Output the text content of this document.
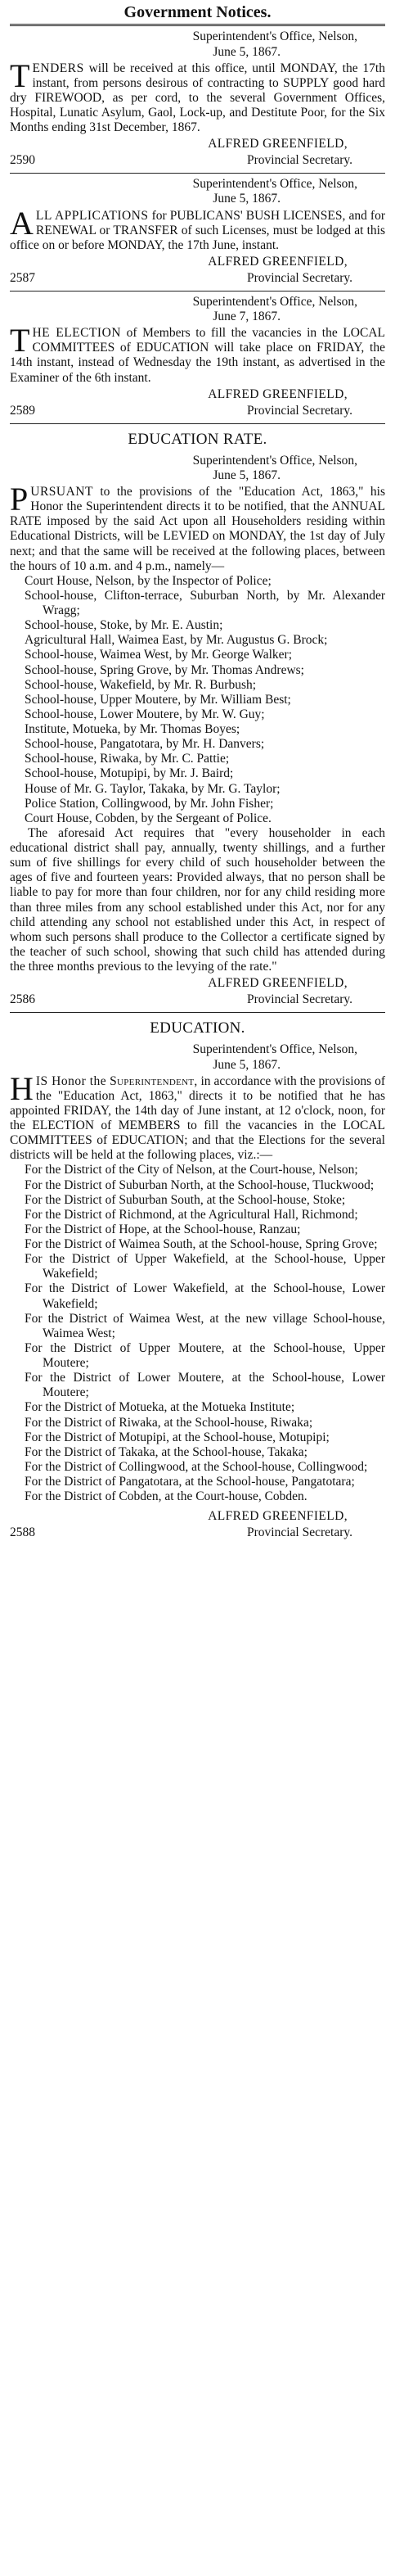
Government Notices.
Superintendent's Office, Nelson,
June 5, 1867.

TENDERS will be received at this office, until MONDAY, the 17th instant, from persons desirous of contracting to SUPPLY good hard dry FIREWOOD, as per cord, to the several Government Offices, Hospital, Lunatic Asylum, Gaol, Lock-up, and Destitute Poor, for the Six Months ending 31st December, 1867.

2590
ALFRED GREENFIELD,
Provincial Secretary.
Superintendent's Office, Nelson,
June 5, 1867.

ALL APPLICATIONS for PUBLICANS' BUSH LICENSES, and for RENEWAL or TRANSFER of such Licenses, must be lodged at this office on or before MONDAY, the 17th June, instant.

2587
ALFRED GREENFIELD,
Provincial Secretary.
Superintendent's Office, Nelson,
June 7, 1867.

THE ELECTION of Members to fill the vacancies in the LOCAL COMMITTEES of EDUCATION will take place on FRIDAY, the 14th instant, instead of Wednesday the 19th instant, as advertised in the Examiner of the 6th instant.

2589
ALFRED GREENFIELD,
Provincial Secretary.
EDUCATION RATE.
Superintendent's Office, Nelson,
June 5, 1867.

PURSUANT to the provisions of the "Education Act, 1863," his Honor the Superintendent directs it to be notified, that the ANNUAL RATE imposed by the said Act upon all Householders residing within Educational Districts, will be LEVIED on MONDAY, the 1st day of July next; and that the same will be received at the following places, between the hours of 10 a.m. and 4 p.m., namely—

Court House, Nelson, by the Inspector of Police;
School-house, Clifton-terrace, Suburban North, by Mr. Alexander Wragg;
School-house, Stoke, by Mr. E. Austin;
Agricultural Hall, Waimea East, by Mr. Augustus G. Brock;
School-house, Waimea West, by Mr. George Walker;
School-house, Spring Grove, by Mr. Thomas Andrews;
School-house, Wakefield, by Mr. R. Burbush;
School-house, Upper Moutere, by Mr. William Best;
School-house, Lower Moutere, by Mr. W. Guy;
Institute, Motueka, by Mr. Thomas Boyes;
School-house, Pangatotara, by Mr. H. Danvers;
School-house, Riwaka, by Mr. C. Pattie;
School-house, Motupipi, by Mr. J. Baird;
House of Mr. G. Taylor, Takaka, by Mr. G. Taylor;
Police Station, Collingwood, by Mr. John Fisher;
Court House, Cobden, by the Sergeant of Police.

The aforesaid Act requires that "every householder in each educational district shall pay, annually, twenty shillings, and a further sum of five shillings for every child of such householder between the ages of five and fourteen years: Provided always, that no person shall be liable to pay for more than four children, nor for any child residing more than three miles from any school established under this Act, nor for any child attending any school not established under this Act, in respect of whom such persons shall produce to the Collector a certificate signed by the teacher of such school, showing that such child has attended during the three months previous to the levying of the rate."

2586
ALFRED GREENFIELD,
Provincial Secretary.
EDUCATION.
Superintendent's Office, Nelson,
June 5, 1867.

HIS Honor the Superintendent, in accordance with the provisions of the "Education Act, 1863," directs it to be notified that he has appointed FRIDAY, the 14th day of June instant, at 12 o'clock, noon, for the ELECTION of MEMBERS to fill the vacancies in the LOCAL COMMITTEES of EDUCATION; and that the Elections for the several districts will be held at the following places, viz.:—

For the District of the City of Nelson, at the Court-house, Nelson;
For the District of Suburban North, at the School-house, Tluckwood;
For the District of Suburban South, at the School-house, Stoke;
For the District of Richmond, at the Agricultural Hall, Richmond;
For the District of Hope, at the School-house, Ranzau;
For the District of Waimea South, at the School-house, Spring Grove;
For the District of Upper Wakefield, at the School-house, Upper Wakefield;
For the District of Lower Wakefield, at the School-house, Lower Wakefield;
For the District of Waimea West, at the new village School-house, Waimea West;
For the District of Upper Moutere, at the School-house, Upper Moutere;
For the District of Lower Moutere, at the School-house, Lower Moutere;
For the District of Motueka, at the Motueka Institute;
For the District of Riwaka, at the School-house, Riwaka;
For the District of Motupipi, at the School-house, Motupipi;
For the District of Takaka, at the School-house, Takaka;
For the District of Collingwood, at the School-house, Collingwood;
For the District of Pangatotara, at the School-house, Pangatotara;
For the District of Cobden, at the Court-house, Cobden.
2588
ALFRED GREENFIELD,
Provincial Secretary.
